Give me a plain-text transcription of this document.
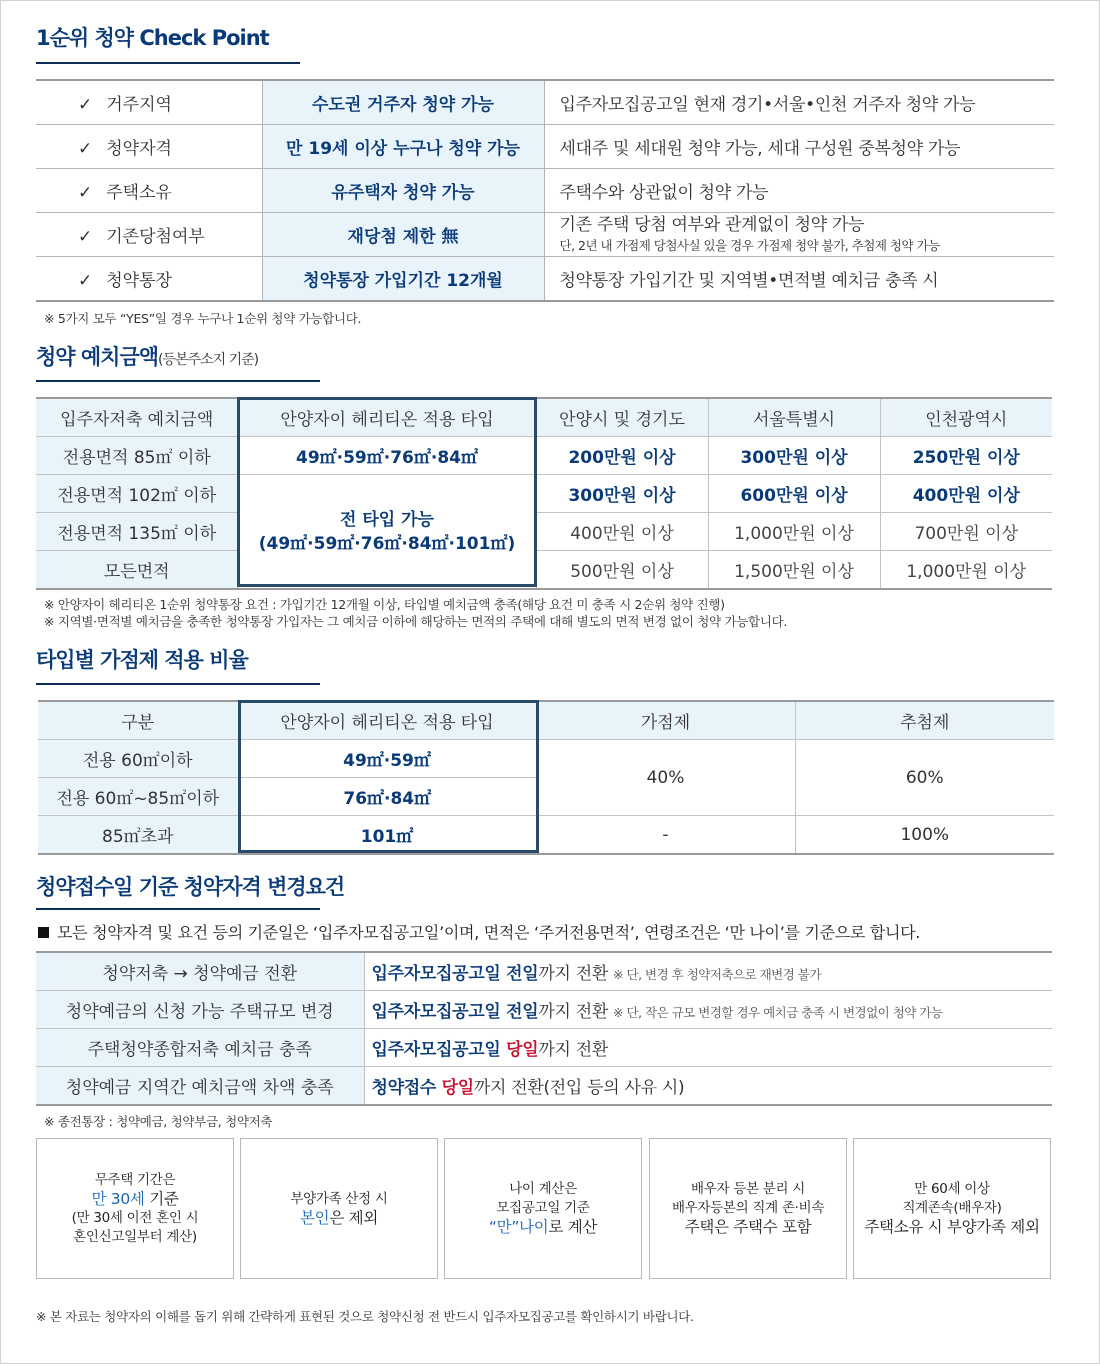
1순위 청약 Check Point
✓ 거주지역	수도권 거주자 청약 가능	입주자모집공고일 현재 경기•서울•인천 거주자 청약 가능
✓ 청약자격	만 19세 이상 누구나 청약 가능	세대주 및 세대원 청약 가능, 세대 구성원 중복청약 가능
✓ 주택소유	유주택자 청약 가능	주택수와 상관없이 청약 가능
✓ 기존당첨여부	재당첨 제한 無	기존 주택 당첨 여부와 관계없이 청약 가능
단, 2년 내 가점제 당첨사실 있을 경우 가점제 청약 불가, 추첨제 청약 가능

✓ 청약통장	청약통장 가입기간 12개월	청약통장 가입기간 및 지역별•면적별 예치금 충족 시
※ 5가지 모두 “YES”일 경우 누구나 1순위 청약 가능합니다.
청약 예치금액(등본주소지 기준)
입주자저축 예치금액	안양자이 헤리티온 적용 타입	안양시 및 경기도	서울특별시	인천광역시
전용면적 85㎡ 이하	49㎡·59㎡·76㎡·84㎡	200만원 이상	300만원 이상	250만원 이상
전용면적 102㎡ 이하	전 타입 가능
(49㎡·59㎡·76㎡·84㎡·101㎡)	300만원 이상	600만원 이상	400만원 이상
전용면적 135㎡ 이하		400만원 이상	1,000만원 이상	700만원 이상
모든면적		500만원 이상	1,500만원 이상	1,000만원 이상
※ 안양자이 헤리티온 1순위 청약통장 요건 : 가입기간 12개월 이상, 타입별 예치금액 충족(해당 요건 미 충족 시 2순위 청약 진행)
※ 지역별·면적별 예치금을 충족한 청약통장 가입자는 그 예치금 이하에 해당하는 면적의 주택에 대해 별도의 면적 변경 없이 청약 가능합니다.
타입별 가점제 적용 비율
구분	안양자이 헤리티온 적용 타입	가점제	추첨제
전용 60㎡이하	49㎡·59㎡	40%	60%
전용 60㎡~85㎡이하	76㎡·84㎡		
85㎡초과	101㎡	-	100%
청약접수일 기준 청약자격 변경요건
모든 청약자격 및 요건 등의 기준일은 ‘입주자모집공고일’이며, 면적은 ‘주거전용면적’, 연령조건은 ‘만 나이’를 기준으로 합니다.
청약저축 → 청약예금 전환	입주자모집공고일 전일까지 전환 ※ 단, 변경 후 청약저축으로 재변경 불가
청약예금의 신청 가능 주택규모 변경	입주자모집공고일 전일까지 전환 ※ 단, 작은 규모 변경할 경우 예치금 충족 시 변경없이 청약 가능
주택청약종합저축 예치금 충족	입주자모집공고일 당일까지 전환
청약예금 지역간 예치금액 차액 충족	청약접수 당일까지 전환(전입 등의 사유 시)
※ 종전통장 : 청약예금, 청약부금, 청약저축
무주택 기간은
만 30세 기준
(만 30세 이전 혼인 시
혼인신고일부터 계산)
부양가족 산정 시
본인은 제외
나이 계산은
모집공고일 기준
“만”나이로 계산
배우자 등본 분리 시
배우자등본의 직계 존·비속
주택은 주택수 포함
만 60세 이상
직계존속(배우자)
주택소유 시 부양가족 제외
※ 본 자료는 청약자의 이해를 돕기 위해 간략하게 표현된 것으로 청약신청 전 반드시 입주자모집공고를 확인하시기 바랍니다.
